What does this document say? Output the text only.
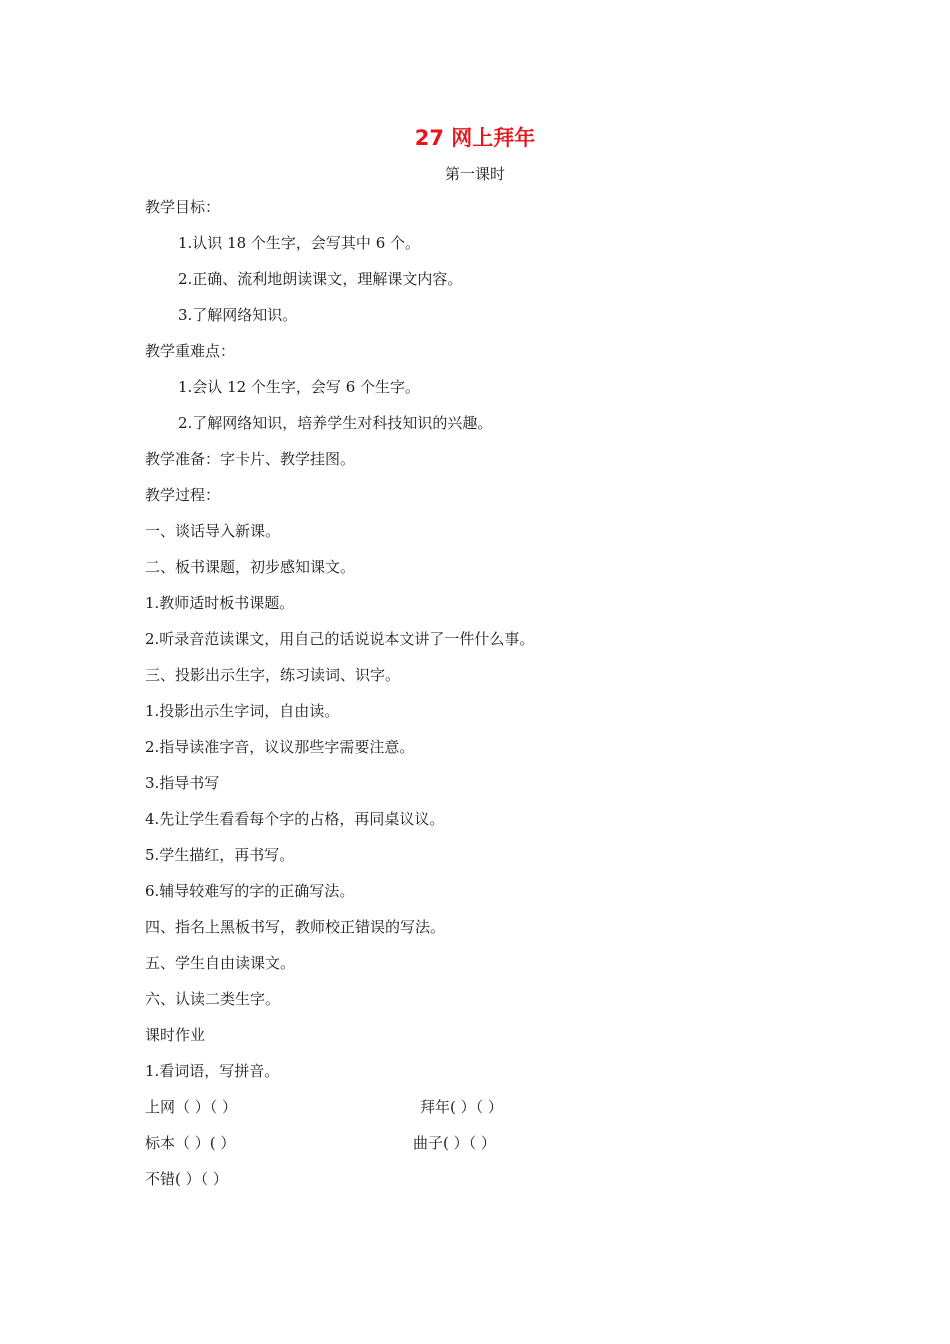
27 网上拜年
第一课时
教学目标：
1.认识 18 个生字，会写其中 6 个。
2.正确、流利地朗读课文，理解课文内容。
3.了解网络知识。
教学重难点：
1.会认 12 个生字，会写 6 个生字。
2.了解网络知识，培养学生对科技知识的兴趣。
教学准备：字卡片、教学挂图。
教学过程：
一、谈话导入新课。
二、板书课题，初步感知课文。
1.教师适时板书课题。
2.听录音范读课文，用自己的话说说本文讲了一件什么事。
三、投影出示生字，练习读词、识字。
1.投影出示生字词，自由读。
2.指导读准字音，议议那些字需要注意。
3.指导书写
4.先让学生看看每个字的占格，再同桌议议。
5.学生描红，再书写。
6.辅导较难写的字的正确写法。
四、指名上黑板书写，教师校正错误的写法。
五、学生自由读课文。
六、认读二类生字。
课时作业
1.看词语，写拼音。
上网（ ）（ ）	拜年( ）（ ）
标本（ ）( ）	曲子( ）（ ）
不错( ）（ ）
